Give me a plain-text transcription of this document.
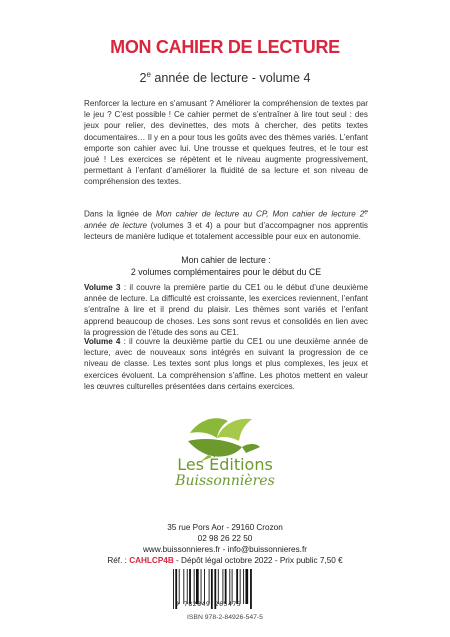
MON CAHIER DE LECTURE
2e année de lecture - volume 4

Renforcer la lecture en s’amusant ? Améliorer la compréhension de textes par le jeu ? C’est possible ! Ce cahier permet de s’entraîner à lire tout seul : des jeux pour relier, des devinettes, des mots à chercher, des petits textes documentaires… Il y en a pour tous les goûts avec des thèmes variés. L’enfant emporte son cahier avec lui. Une trousse et quelques feutres, et le tour est joué ! Les exercices se répètent et le niveau augmente progressivement, permettant à l’enfant d’améliorer la fluidité de sa lecture et son niveau de compréhension des textes.

Dans la lignée de Mon cahier de lecture au CP, Mon cahier de lecture 2e année de lecture (volumes 3 et 4) a pour but d’accompagner nos apprentis lecteurs de manière ludique et totalement accessible pour eux en autonomie.

Mon cahier de lecture :
2 volumes complémentaires pour le début du CE

Volume 3 : il couvre la première partie du CE1 ou le début d’une deuxième année de lecture. La difficulté est croissante, les exercices reviennent, l’enfant s’entraîne à lire et il prend du plaisir. Les thèmes sont variés et l’enfant apprend beaucoup de choses. Les sons sont revus et consolidés en lien avec la progression de l’étude des sons au CE1.

Volume 4 : il couvre la deuxième partie du CE1 ou une deuxième année de lecture, avec de nouveaux sons intégrés en suivant la progression de ce niveau de classe. Les textes sont plus longs et plus complexes, les jeux et exercices évoluent. La compréhension s’affine. Les photos mettent en valeur les œuvres culturelles présentées dans certains exercices.

Les Éditions
Buissonnières
35 rue Pors Aor - 29160 Crozon
02 98 26 22 50
www.buissonnieres.fr - info@buissonnieres.fr
Réf. : CAHLCP4B - Dépôt légal octobre 2022 - Prix public 7,50 €
9 782849 265475
ISBN 978-2-84926-547-5
